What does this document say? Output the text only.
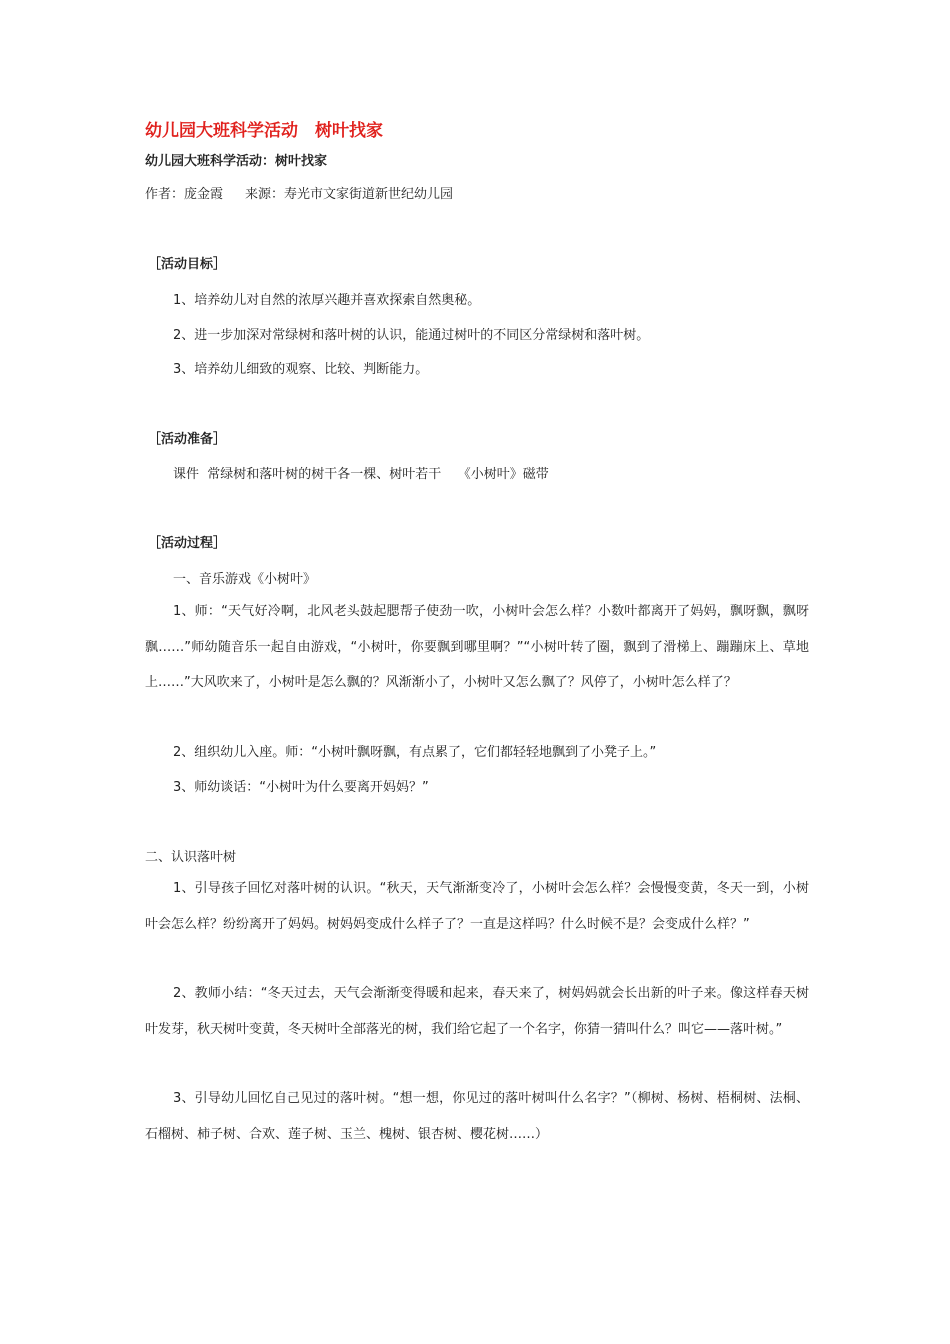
幼儿园大班科学活动　树叶找家
幼儿园大班科学活动：树叶找家
作者：庞金霞 来源：寿光市文家街道新世纪幼儿园
［活动目标］
1、培养幼儿对自然的浓厚兴趣并喜欢探索自然奥秘。
2、进一步加深对常绿树和落叶树的认识，能通过树叶的不同区分常绿树和落叶树。
3、培养幼儿细致的观察、比较、判断能力。
［活动准备］
课件  常绿树和落叶树的树干各一棵、树叶若干    《小树叶》磁带
［活动过程］
一、音乐游戏《小树叶》
1、师：“天气好冷啊，北风老头鼓起腮帮子使劲一吹，小树叶会怎么样？小数叶都离开了妈妈，飘呀飘，飘呀飘……”师幼随音乐一起自由游戏，“小树叶，你要飘到哪里啊？”“小树叶转了圈，飘到了滑梯上、蹦蹦床上、草地上……”大风吹来了，小树叶是怎么飘的？风渐渐小了，小树叶又怎么飘了？风停了，小树叶怎么样了？
2、组织幼儿入座。师：“小树叶飘呀飘，有点累了，它们都轻轻地飘到了小凳子上。”
3、师幼谈话：“小树叶为什么要离开妈妈？”
二、认识落叶树
1、引导孩子回忆对落叶树的认识。“秋天，天气渐渐变冷了，小树叶会怎么样？会慢慢变黄，冬天一到，小树叶会怎么样？纷纷离开了妈妈。树妈妈变成什么样子了？一直是这样吗？什么时候不是？会变成什么样？”
2、教师小结：“冬天过去，天气会渐渐变得暖和起来，春天来了，树妈妈就会长出新的叶子来。像这样春天树叶发芽，秋天树叶变黄，冬天树叶全部落光的树，我们给它起了一个名字，你猜一猜叫什么？叫它——落叶树。”
3、引导幼儿回忆自己见过的落叶树。“想一想，你见过的落叶树叫什么名字？”（柳树、杨树、梧桐树、法桐、石榴树、柿子树、合欢、莲子树、玉兰、槐树、银杏树、樱花树……）
